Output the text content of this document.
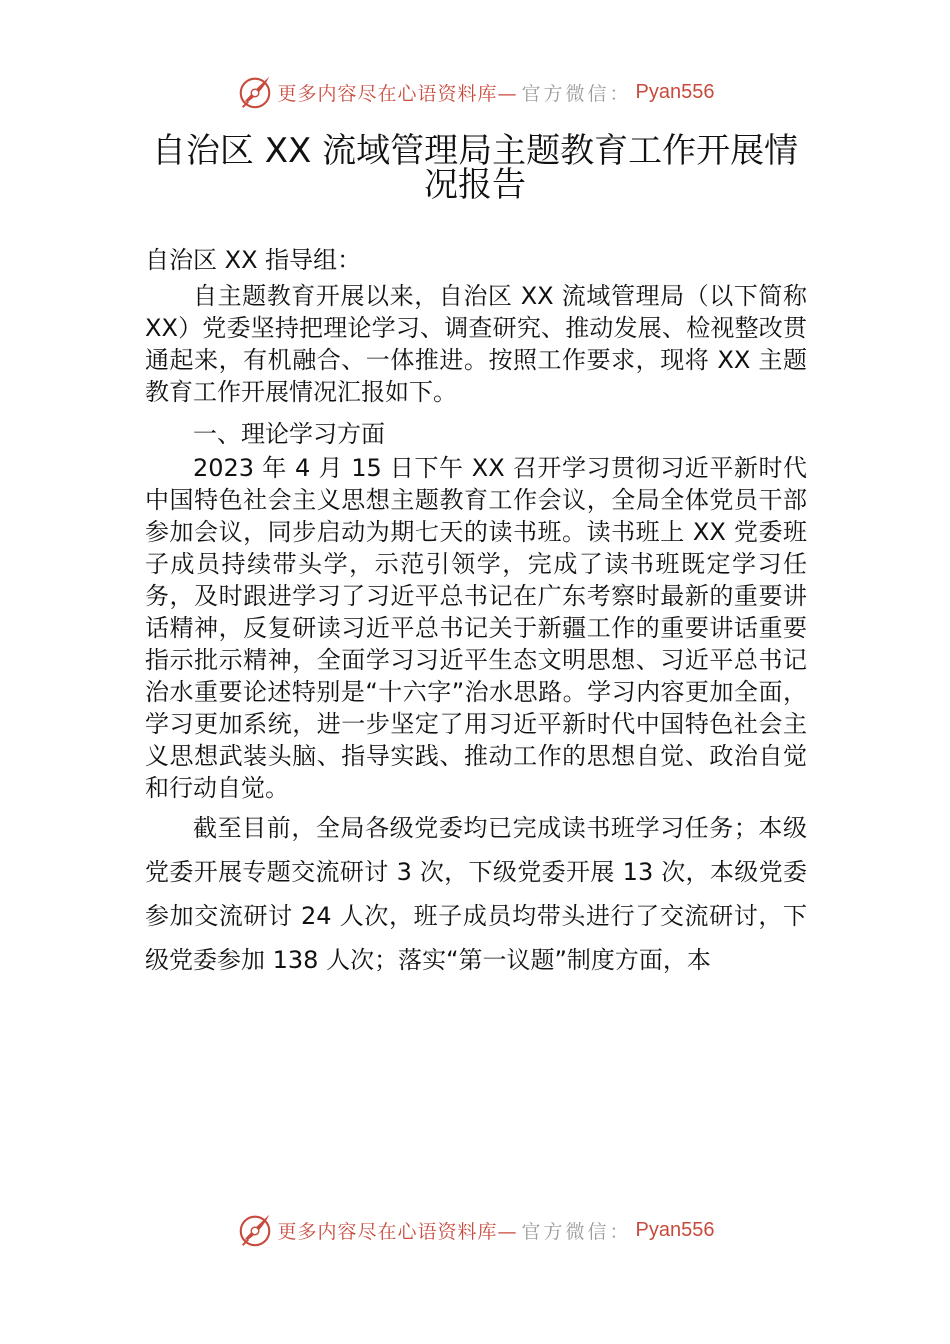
更多内容尽在心语资料库— 官方微信： Pyan556
自治区 XX 流域管理局主题教育工作开展情况报告

自治区 XX 指导组：

自主题教育开展以来，自治区 XX 流域管理局（以下简称 XX）党委坚持把理论学习、调查研究、推动发展、检视整改贯通起来，有机融合、一体推进。按照工作要求，现将 XX 主题教育工作开展情况汇报如下。

一、理论学习方面

2023 年 4 月 15 日下午 XX 召开学习贯彻习近平新时代中国特色社会主义思想主题教育工作会议，全局全体党员干部参加会议，同步启动为期七天的读书班。读书班上 XX 党委班子成员持续带头学，示范引领学，完成了读书班既定学习任务，及时跟进学习了习近平总书记在广东考察时最新的重要讲话精神，反复研读习近平总书记关于新疆工作的重要讲话重要指示批示精神，全面学习习近平生态文明思想、习近平总书记治水重要论述特别是“十六字”治水思路。学习内容更加全面，学习更加系统，进一步坚定了用习近平新时代中国特色社会主义思想武装头脑、指导实践、推动工作的思想自觉、政治自觉和行动自觉。

截至目前，全局各级党委均已完成读书班学习任务；本级党委开展专题交流研讨 3 次，下级党委开展 13 次，本级党委参加交流研讨 24 人次，班子成员均带头进行了交流研讨，下级党委参加 138 人次；落实“第一议题”制度方面，本

更多内容尽在心语资料库— 官方微信： Pyan556
